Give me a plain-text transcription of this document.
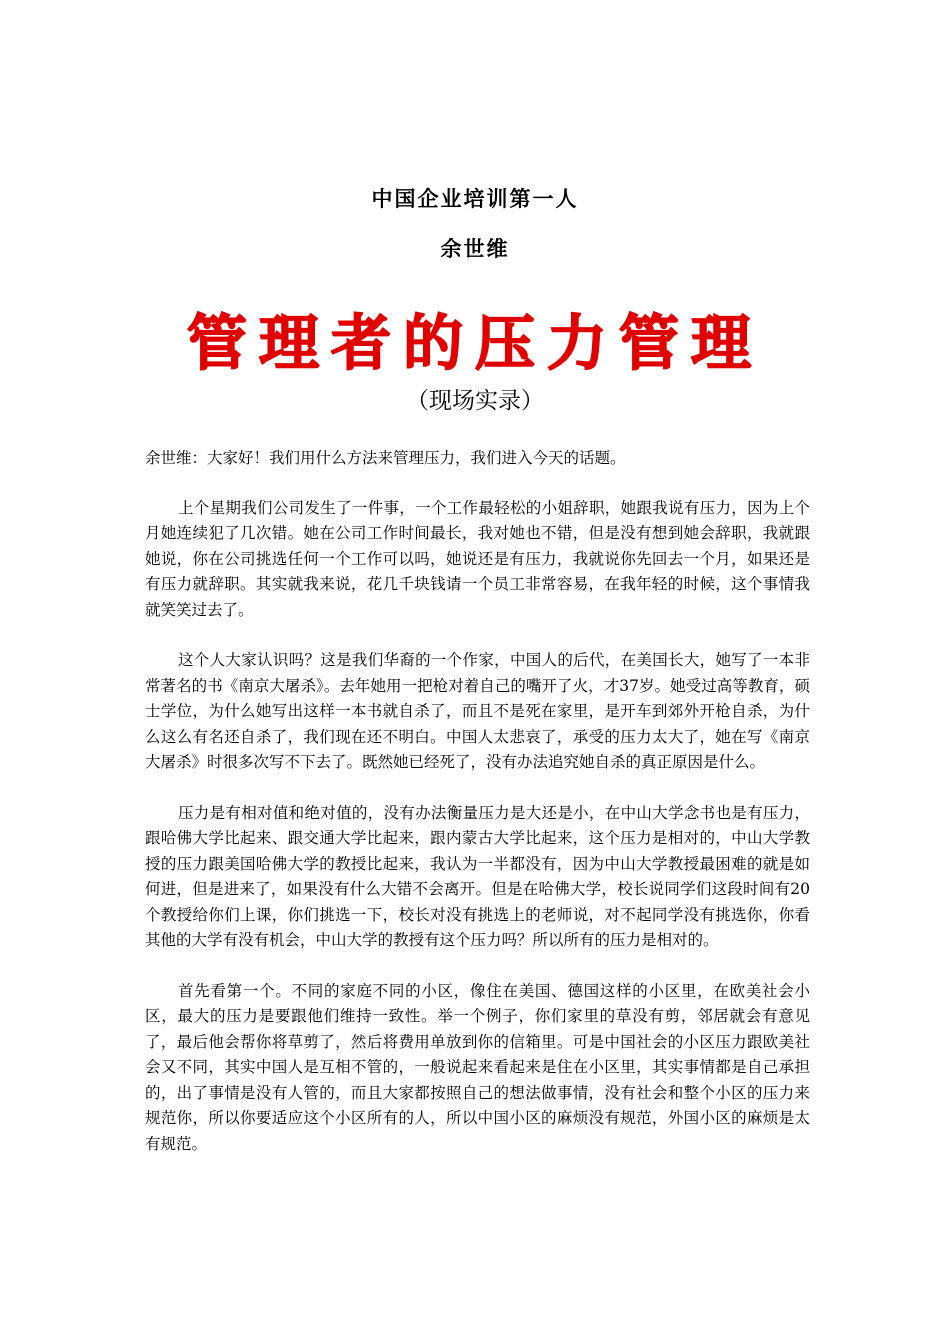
中国企业培训第一人
余世维
管理者的压力管理
（现场实录）

余世维：大家好！我们用什么方法来管理压力，我们进入今天的话题。

上个星期我们公司发生了一件事，一个工作最轻松的小姐辞职，她跟我说有压力，因为上个月她连续犯了几次错。她在公司工作时间最长，我对她也不错，但是没有想到她会辞职，我就跟她说，你在公司挑选任何一个工作可以吗，她说还是有压力，我就说你先回去一个月，如果还是有压力就辞职。其实就我来说，花几千块钱请一个员工非常容易，在我年轻的时候，这个事情我就笑笑过去了。

这个人大家认识吗？这是我们华裔的一个作家，中国人的后代，在美国长大，她写了一本非常著名的书《南京大屠杀》。去年她用一把枪对着自己的嘴开了火，才37岁。她受过高等教育，硕士学位，为什么她写出这样一本书就自杀了，而且不是死在家里，是开车到郊外开枪自杀，为什么这么有名还自杀了，我们现在还不明白。中国人太悲哀了，承受的压力太大了，她在写《南京大屠杀》时很多次写不下去了。既然她已经死了，没有办法追究她自杀的真正原因是什么。

压力是有相对值和绝对值的，没有办法衡量压力是大还是小，在中山大学念书也是有压力，跟哈佛大学比起来、跟交通大学比起来，跟内蒙古大学比起来，这个压力是相对的，中山大学教授的压力跟美国哈佛大学的教授比起来，我认为一半都没有，因为中山大学教授最困难的就是如何进，但是进来了，如果没有什么大错不会离开。但是在哈佛大学，校长说同学们这段时间有20个教授给你们上课，你们挑选一下，校长对没有挑选上的老师说，对不起同学没有挑选你，你看其他的大学有没有机会，中山大学的教授有这个压力吗？所以所有的压力是相对的。

首先看第一个。不同的家庭不同的小区，像住在美国、德国这样的小区里，在欧美社会小区，最大的压力是要跟他们维持一致性。举一个例子，你们家里的草没有剪，邻居就会有意见了，最后他会帮你将草剪了，然后将费用单放到你的信箱里。可是中国社会的小区压力跟欧美社会又不同，其实中国人是互相不管的，一般说起来看起来是住在小区里，其实事情都是自己承担的，出了事情是没有人管的，而且大家都按照自己的想法做事情，没有社会和整个小区的压力来规范你，所以你要适应这个小区所有的人，所以中国小区的麻烦没有规范，外国小区的麻烦是太有规范。
